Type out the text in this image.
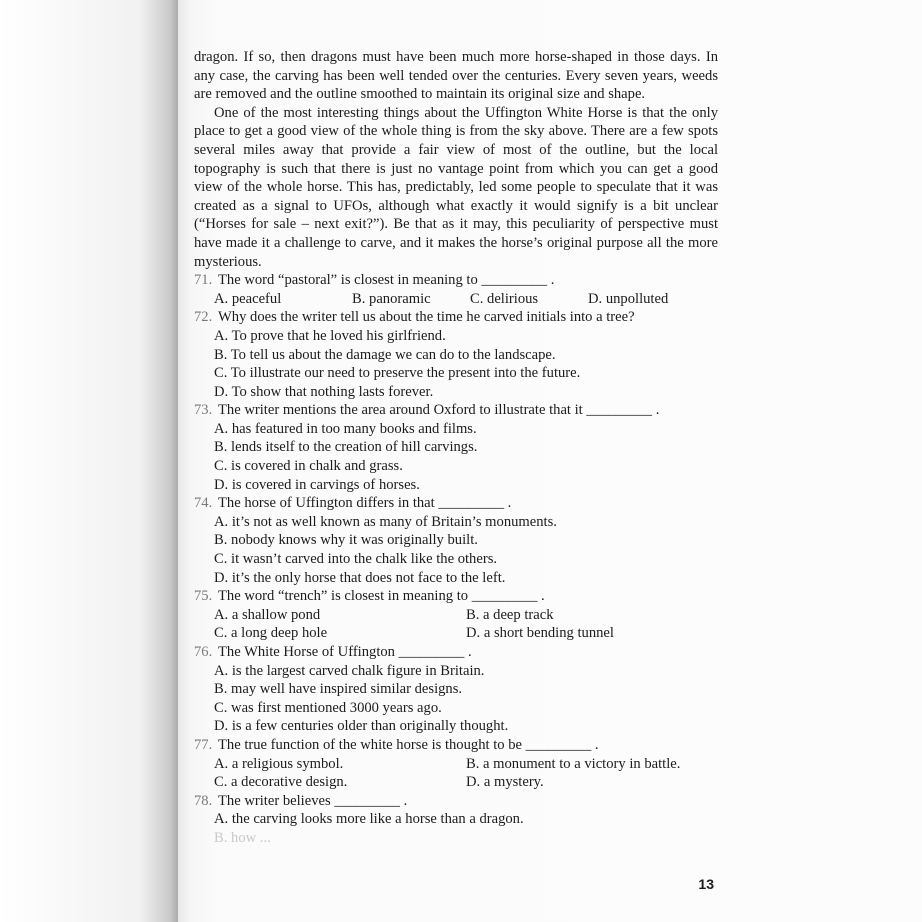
dragon. If so, then dragons must have been much more horse-shaped in those days. In any case, the carving has been well tended over the centuries. Every seven years, weeds are removed and the outline smoothed to maintain its original size and shape.

One of the most interesting things about the Uffington White Horse is that the only place to get a good view of the whole thing is from the sky above. There are a few spots several miles away that provide a fair view of most of the outline, but the local topography is such that there is just no vantage point from which you can get a good view of the whole horse. This has, predictably, led some people to speculate that it was created as a signal to UFOs, although what exactly it would signify is a bit unclear (“Horses for sale – next exit?”). Be that as it may, this peculiarity of perspective must have made it a challenge to carve, and it makes the horse’s original purpose all the more mysterious.

71. The word “pastoral” is closest in meaning to _________ .
A. peaceful	B. panoramic	C. delirious	D. unpolluted
72. Why does the writer tell us about the time he carved initials into a tree?
A. To prove that he loved his girlfriend.
B. To tell us about the damage we can do to the landscape.
C. To illustrate our need to preserve the present into the future.
D. To show that nothing lasts forever.
73. The writer mentions the area around Oxford to illustrate that it _________ .
A. has featured in too many books and films.
B. lends itself to the creation of hill carvings.
C. is covered in chalk and grass.
D. is covered in carvings of horses.
74. The horse of Uffington differs in that _________ .
A. it’s not as well known as many of Britain’s monuments.
B. nobody knows why it was originally built.
C. it wasn’t carved into the chalk like the others.
D. it’s the only horse that does not face to the left.
75. The word “trench” is closest in meaning to _________ .
A. a shallow pond	B. a deep track
C. a long deep hole	D. a short bending tunnel
76. The White Horse of Uffington _________ .
A. is the largest carved chalk figure in Britain.
B. may well have inspired similar designs.
C. was first mentioned 3000 years ago.
D. is a few centuries older than originally thought.
77. The true function of the white horse is thought to be _________ .
A. a religious symbol.	B. a monument to a victory in battle.
C. a decorative design.	D. a mystery.
78. The writer believes _________ .
A. the carving looks more like a horse than a dragon.
B. how ...
13
